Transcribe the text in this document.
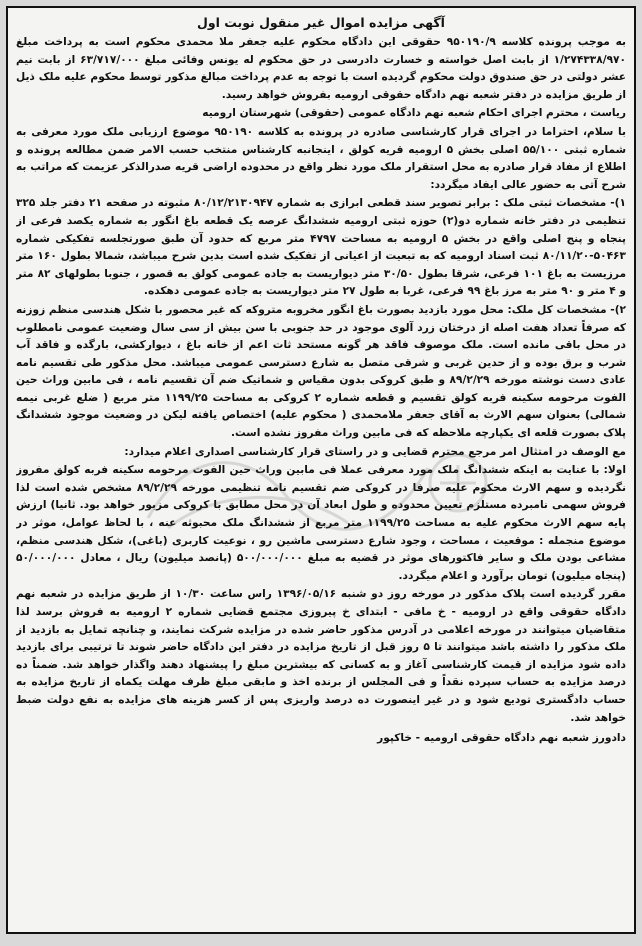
آگهی مزایده اموال غیر منقول نوبت اول

به موجب پرونده کلاسه ۹۵۰۱۹۰/۹ حقوقی این دادگاه محکوم علیه جعفر ملا محمدی محکوم است به پرداخت مبلغ ۱/۲۷۴۳۳۸/۹۷۰ از بابت اصل خواسته و خسارت دادرسی در حق محکوم له یونس وفائی مبلغ ۶۳/۷۱۷/۰۰۰ از بابت نیم عشر دولتی در حق صندوق دولت محکوم گردیده است با توجه به عدم پرداخت مبالغ مذکور توسط محکوم علیه ملک ذیل از طریق مزایده در دفتر شعبه نهم دادگاه حقوقی ارومیه بفروش خواهد رسید.

ریاست ، محترم اجرای احکام شعبه نهم دادگاه عمومی (حقوقی) شهرستان ارومیه

با سلام، احتراما در اجرای قرار کارشناسی صادره در پرونده به کلاسه ۹۵۰۱۹۰ موضوع ارزیابی ملک مورد معرفی به شماره ثبتی ۵۵/۱۰۰ اصلی بخش ۵ ارومیه قریه کولق ، اینجانبه کارشناس منتخب حسب الامر ضمن مطالعه پرونده و اطلاع از مفاد قرار صادره به محل استقرار ملک مورد نظر واقع در محدوده اراضی قریه صدرالذکر عزیمت که مراتب به شرح آتی به حضور عالی ایفاد میگردد:

۱)- مشخصات ثبتی ملک : برابر تصویر سند قطعی ابرازی به شماره ۸۰/۱۲/۲۱۳۰۹۴۷ مثبوته در صفحه ۲۱ دفتر جلد ۳۲۵ تنظیمی در دفتر خانه شماره دو(۲) حوزه ثبتی ارومیه ششدانگ عرصه یک قطعه باغ انگور به شماره یکصد فرعی از پنجاه و پنج اصلی واقع در بخش ۵ ارومیه به مساحت ۴۷۹۷ متر مربع که حدود آن طبق صورتجلسه تفکیکی شماره ۵۰۴۶۳-۸۰/۱۱/۲۰ ثبت اسناد ارومیه که به تبعیت از اعیانی از تفکیک شده است بدین شرح میباشد، شمالا بطول ۱۶۰ متر مرزیست به باغ ۱۰۱ فرعی، شرقا بطول ۳۰/۵۰ متر دیواریست به جاده عمومی کولق به قصور ، جنوبا بطولهای ۸۲ متر و ۴ متر و ۹۰ متر به مرز باغ ۹۹ فرعی، غربا به طول ۲۷ متر دیواریست به جاده عمومی دهکده.

۲)- مشخصات کل ملک: محل مورد بازدید بصورت باغ انگور مخروبه متروکه که غیر محصور با شکل هندسی منظم زوزنه که صرفاً تعداد هفت اصله از درختان زرد آلوی موجود در حد جنوبی با سن بیش از سی سال وضعیت عمومی نامطلوب در محل باقی مانده است. ملک موصوف فاقد هر گونه مستحد ثات اعم از خانه باغ ، دیوارکشی، بارگده و فاقد آب شرب و برق بوده و از حدین غربی و شرقی متصل به شارع دسترسی عمومی میباشد. محل مذکور طی تقسیم نامه عادی دست نوشته مورخه ۸۹/۲/۲۹ و طبق کروکی بدون مقیاس و شماتیک ضم آن تقسیم نامه ، فی مابین وراث حین الفوت مرحومه سکینه فربه کولق تقسیم و قطعه شماره ۲ کروکی به مساحت ۱۱۹۹/۲۵ متر مربع ( ضلع غربی نیمه شمالی) بعنوان سهم الارث به آقای جعفر ملامحمدی ( محکوم علیه) اختصاص یافته لیکن در وضعیت موجود ششدانگ پلاک بصورت قلعه ای یکپارچه ملاحظه که فی مابین وراث مفروز نشده است.

مع الوصف در امتثال امر مرجع محترم قضایی و در راستای قرار کارشناسی اصداری اعلام میدارد:

اولا: با عنایت به اینکه ششدانگ ملک مورد معرفی عملا فی مابین وراث حین الفوت مرحومه سکینه فربه کولق مفروز نگردیده و سهم الارث محکوم علیه صرفا در کروکی ضم تقسیم نامه تنظیمی مورخه ۸۹/۲/۲۹ مشخص شده است لذا فروش سهمی نامبرده مستلزم تعیین محدوده و طول ابعاد آن در محل مطابق با کروکی مزبور خواهد بود. ثانیا) ارزش پایه سهم الارث محکوم علیه به مساحت ۱۱۹۹/۲۵ متر مربع از ششدانگ ملک محبوثه عنه ، با لحاظ عوامل، موثر در موضوع منجمله : موقعیت ، مساحت ، وجود شارع دسترسی ماشین رو ، نوعیت کاربری (باغی)، شکل هندسی منظم، مشاعی بودن ملک و سایر فاکتورهای موثر در قضیه به مبلغ ۵۰۰/۰۰۰/۰۰۰ (پانصد میلیون) ریال ، معادل ۵۰/۰۰۰/۰۰۰ (پنجاه میلیون) تومان برآورد و اعلام میگردد.

مقرر گردیده است پلاک مذکور در مورخه روز دو شنبه ۱۳۹۶/۰۵/۱۶ راس ساعت ۱۰/۳۰ از طریق مزایده در شعبه نهم دادگاه حقوقی واقع در ارومیه - خ مافی - ابتدای خ پیروزی مجتمع قضایی شماره ۲ ارومیه به فروش برسد لذا متقاضیان میتوانند در مورخه اعلامی در آدرس مذکور حاضر شده در مزایده شرکت نمایند، و چنانچه تمایل به بازدید از ملک مذکور را داشته باشد میتوانند تا ۵ روز قبل از تاریخ مزایده در دفتر این دادگاه حاضر شوند تا ترتیبی برای بازدید داده شود مزایده از قیمت کارشناسی آغاز و به کسانی که بیشترین مبلغ را پیشنهاد دهند واگذار خواهد شد. ضمناً ده درصد مزایده به حساب سپرده نقداً و فی المجلس از برنده اخذ و مابقی مبلغ ظرف مهلت یکماه از تاریخ مزایده به حساب دادگستری تودیع شود و در غیر اینصورت ده درصد واریزی پس از کسر هزینه های مزایده به نفع دولت ضبط خواهد شد.

دادورز شعبه نهم دادگاه حقوقی ارومیه - خاکپور
